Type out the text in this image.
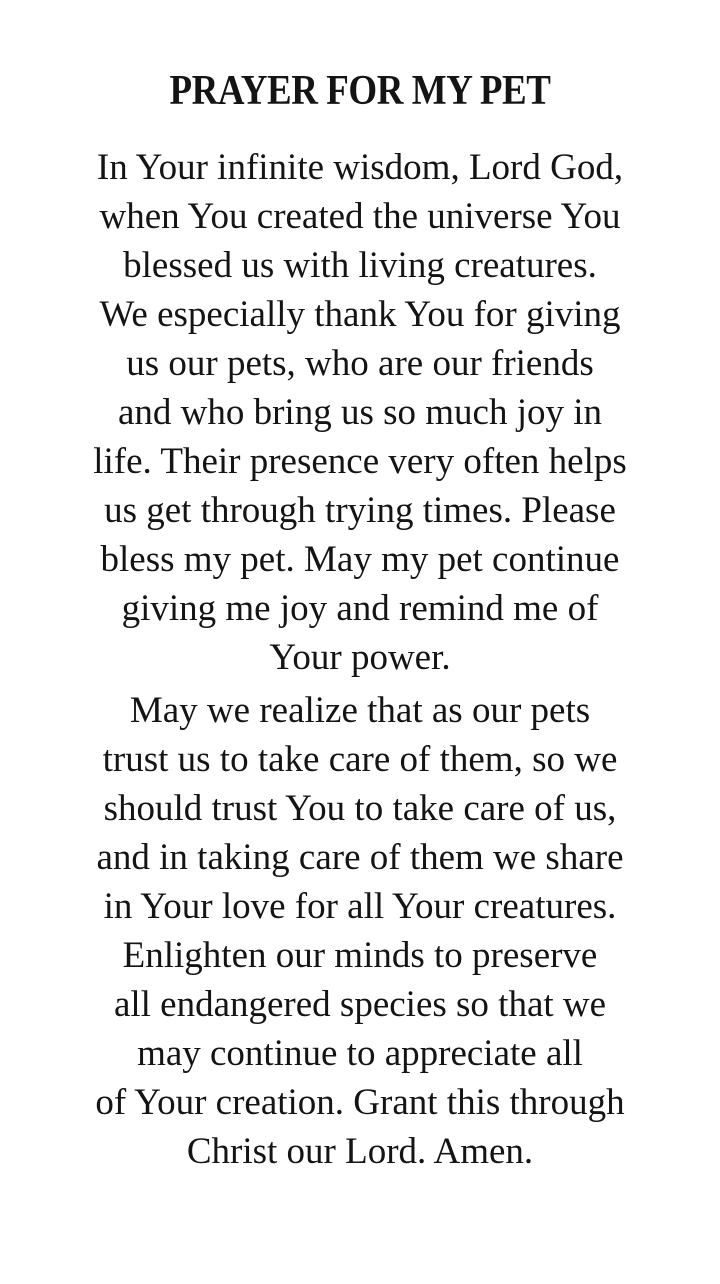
PRAYER FOR MY PET
In Your infinite wisdom, Lord God,
when You created the universe You
blessed us with living creatures.
We especially thank You for giving
us our pets, who are our friends
and who bring us so much joy in
life. Their presence very often helps
us get through trying times. Please
bless my pet. May my pet continue
giving me joy and remind me of
Your power.
May we realize that as our pets
trust us to take care of them, so we
should trust You to take care of us,
and in taking care of them we share
in Your love for all Your creatures.
Enlighten our minds to preserve
all endangered species so that we
may continue to appreciate all
of Your creation. Grant this through
Christ our Lord. Amen.
